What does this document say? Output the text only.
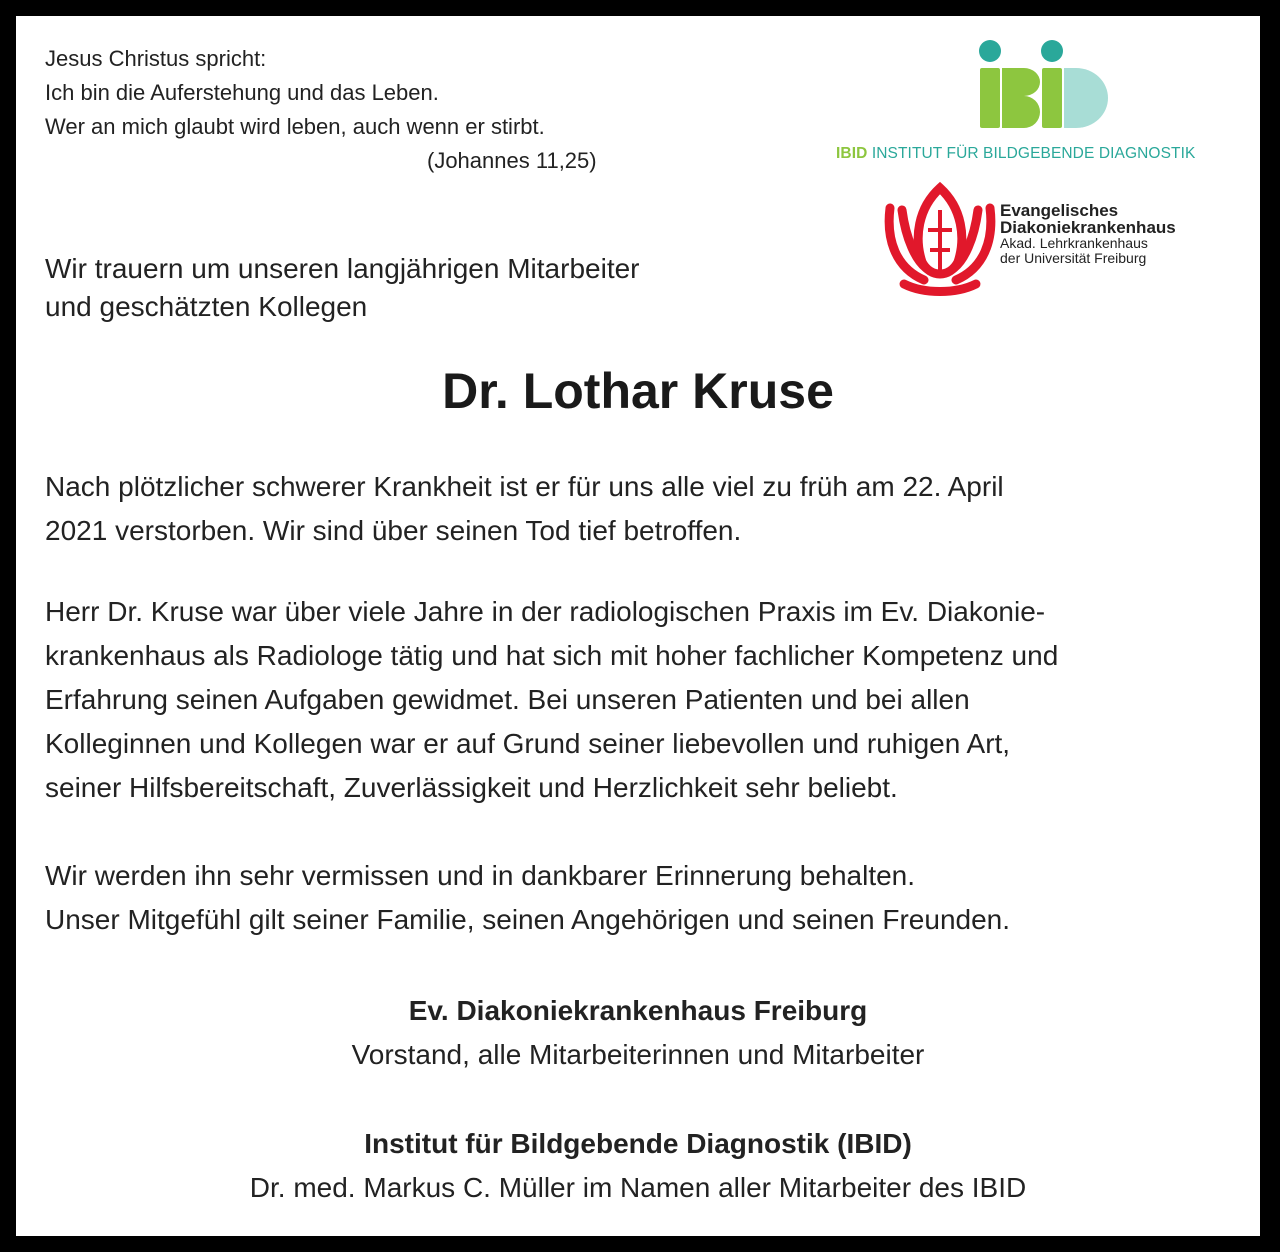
Jesus Christus spricht:
Ich bin die Auferstehung und das Leben.
Wer an mich glaubt wird leben, auch wenn er stirbt.
(Johannes 11,25)	IBID INSTITUT FÜR BILDGEBENDE DIAGNOSTIK
Evangelisches
Diakoniekrankenhaus
Akad. Lehrkrankenhaus
der Universität Freiburg
Wir trauern um unseren langjährigen Mitarbeiter
und geschätzten Kollegen
Dr. Lothar Kruse
Nach plötzlicher schwerer Krankheit ist er für uns alle viel zu früh am 22. April
2021 verstorben. Wir sind über seinen Tod tief betroffen.
Herr Dr. Kruse war über viele Jahre in der radiologischen Praxis im Ev. Diakonie-
krankenhaus als Radiologe tätig und hat sich mit hoher fachlicher Kompetenz und
Erfahrung seinen Aufgaben gewidmet. Bei unseren Patienten und bei allen
Kolleginnen und Kollegen war er auf Grund seiner liebevollen und ruhigen Art,
seiner Hilfsbereitschaft, Zuverlässigkeit und Herzlichkeit sehr beliebt.
Wir werden ihn sehr vermissen und in dankbarer Erinnerung behalten.
Unser Mitgefühl gilt seiner Familie, seinen Angehörigen und seinen Freunden.
Ev. Diakoniekrankenhaus Freiburg
Vorstand, alle Mitarbeiterinnen und Mitarbeiter
Institut für Bildgebende Diagnostik (IBID)
Dr. med. Markus C. Müller im Namen aller Mitarbeiter des IBID
